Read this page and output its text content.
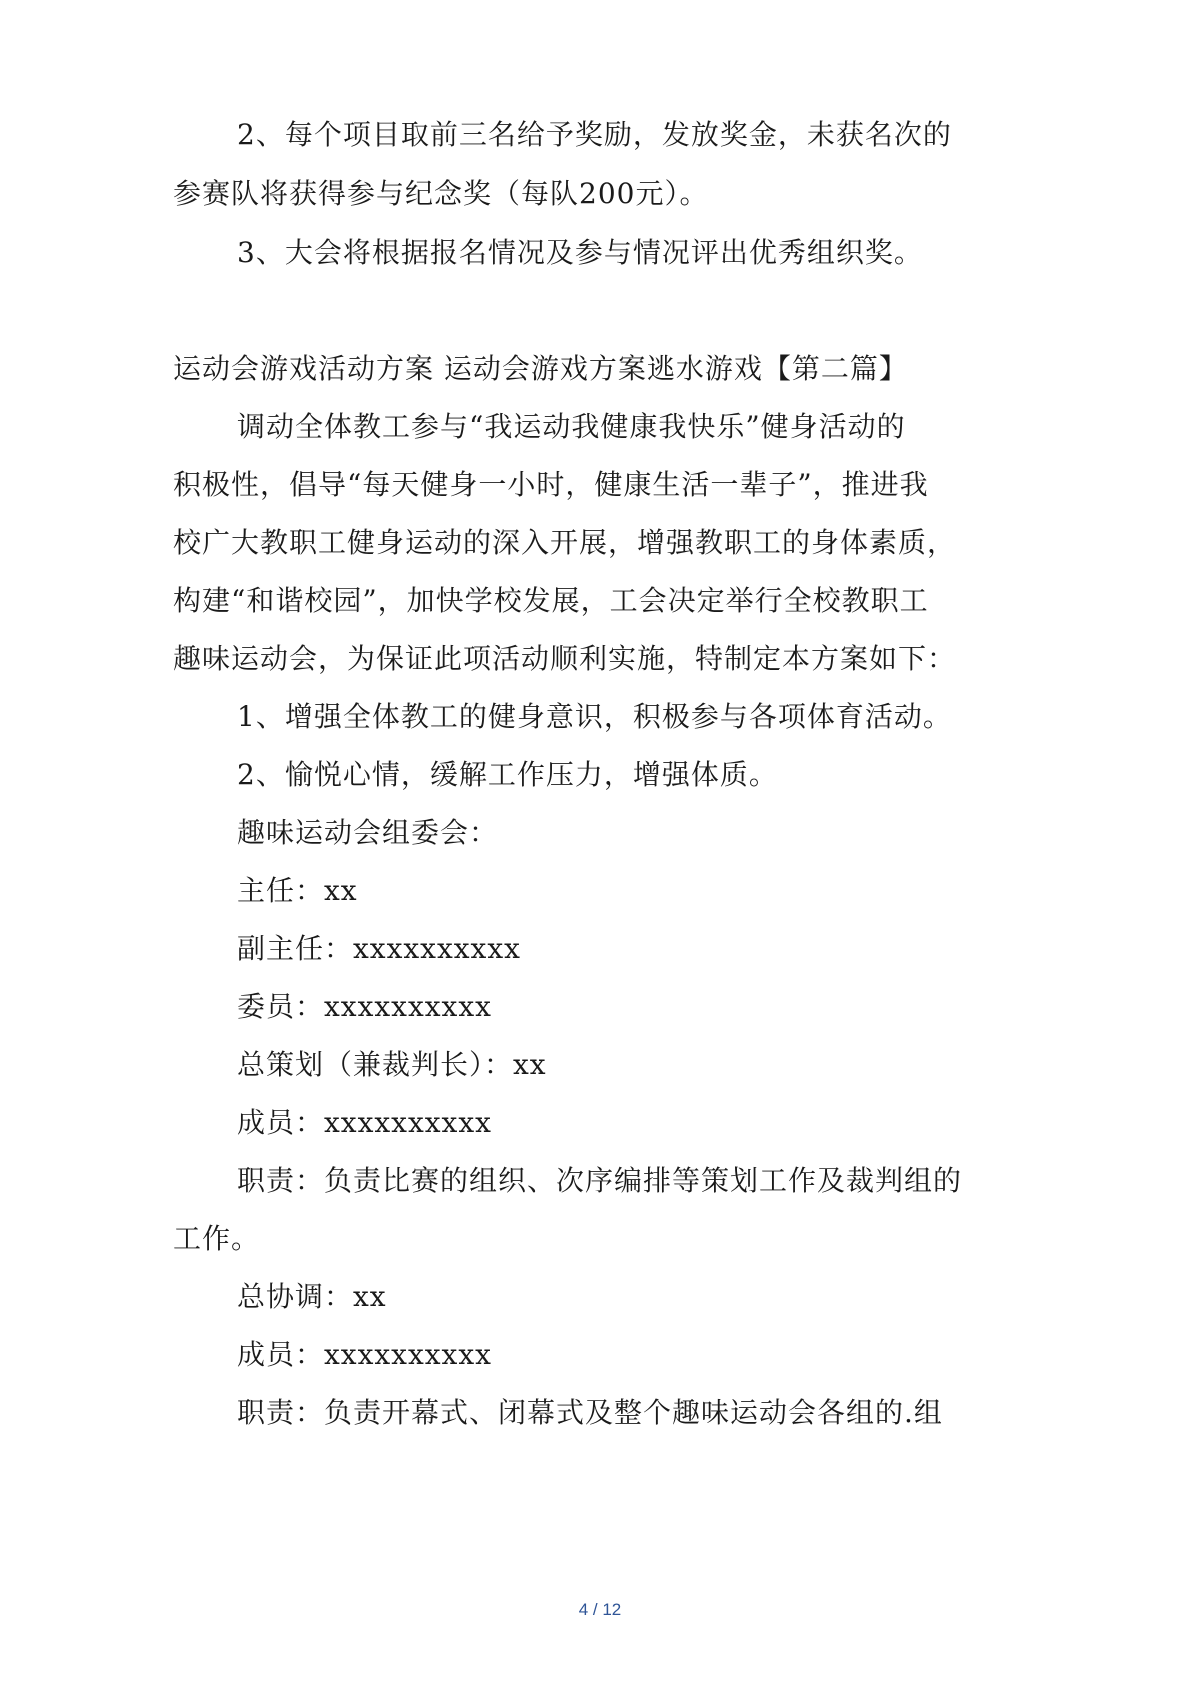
2、每个项目取前三名给予奖励，发放奖金，未获名次的
参赛队将获得参与纪念奖（每队200元）。
3、大会将根据报名情况及参与情况评出优秀组织奖。
运动会游戏活动方案 运动会游戏方案逃水游戏【第二篇】
调动全体教工参与“我运动我健康我快乐”健身活动的
积极性，倡导“每天健身一小时，健康生活一辈子”，推进我
校广大教职工健身运动的深入开展，增强教职工的身体素质，
构建“和谐校园”，加快学校发展，工会决定举行全校教职工
趣味运动会，为保证此项活动顺利实施，特制定本方案如下：
1、增强全体教工的健身意识，积极参与各项体育活动。
2、愉悦心情，缓解工作压力，增强体质。
趣味运动会组委会：
主任：xx
副主任：xxxxxxxxxx
委员：xxxxxxxxxx
总策划（兼裁判长）：xx
成员：xxxxxxxxxx
职责：负责比赛的组织、次序编排等策划工作及裁判组的
工作。
总协调：xx
成员：xxxxxxxxxx
职责：负责开幕式、闭幕式及整个趣味运动会各组的.组
4 / 12
